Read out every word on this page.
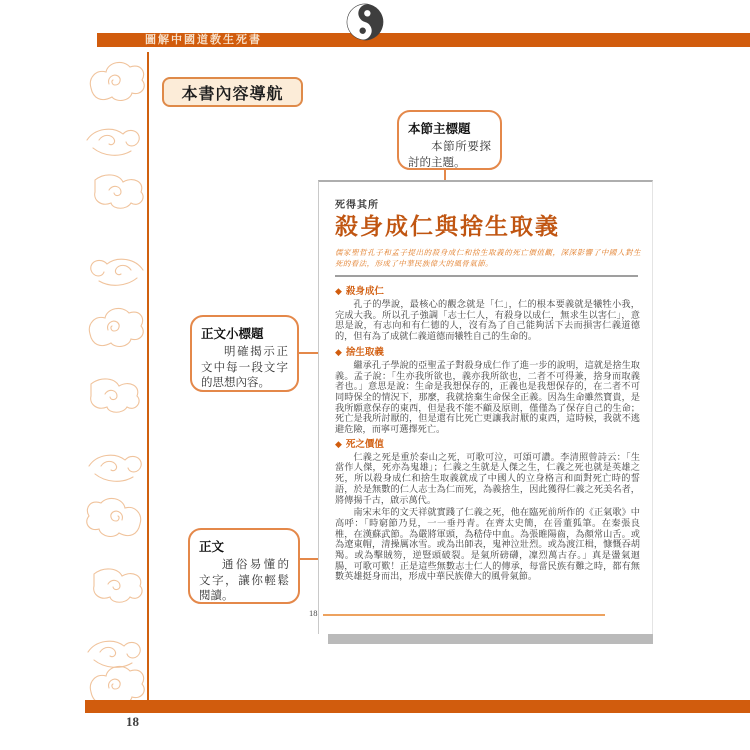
圖解中國道教生死書
本書內容導航

本節主標題

本節所要探討的主題。

正文小標題

明確揭示正文中每一段文字的思想內容。

正文

通俗易懂的文字，讓你輕鬆閱讀。

死得其所
殺身成仁與捨生取義
儒家聖哲孔子和孟子提出的殺身成仁和捨生取義的死亡價值觀，深深影響了中國人對生死的看法，形成了中華民族偉大的風骨氣節。
◆ 殺身成仁

孔子的學說，最核心的觀念就是「仁」，仁的根本要義就是犧牲小我，完成大我。所以孔子強調「志士仁人，有殺身以成仁，無求生以害仁」，意思是說，有志向和有仁德的人，沒有為了自己能夠活下去而損害仁義道德的，但有為了成就仁義道德而犧牲自己的生命的。

◆ 捨生取義

繼承孔子學說的亞聖孟子對殺身成仁作了進一步的說明，這就是捨生取義。孟子說：「生亦我所欲也，義亦我所欲也，二者不可得兼，捨身而取義者也。」意思是說：生命是我想保存的，正義也是我想保存的，在二者不可同時保全的情況下，那麼，我就捨棄生命保全正義。因為生命雖然寶貴，是我所願意保存的東西，但是我不能不顧及原則，僅僅為了保存自己的生命；死亡是我所討厭的，但是還有比死亡更讓我討厭的東西，這時候，我就不逃避危險，而寧可選擇死亡。

◆ 死之價值

仁義之死是重於泰山之死，可歌可泣，可頌可讚。李清照曾詩云：「生當作人傑，死亦為鬼雄」；仁義之生就是人傑之生，仁義之死也就是英雄之死，所以殺身成仁和捨生取義就成了中國人的立身格言和面對死亡時的誓語，於是無數的仁人志士為仁而死，為義捨生，因此獲得仁義之死美名者，將傳揚千古，啟示萬代。

南宋末年的文天祥就實踐了仁義之死，他在臨死前所作的《正氣歌》中高呼：「時窮節乃見，一一垂丹青。在齊太史簡，在晉董狐筆。在秦張良椎，在漢蘇武節。為嚴將軍頭，為嵇侍中血。為張睢陽齒，為顏常山舌。或為遼東帽，清操厲冰雪。或為出師表，鬼神泣壯烈。或為渡江楫，慷慨吞胡羯。或為擊賊笏，逆豎頭破裂。是氣所磅礴，凜烈萬古存。」真是盪氣迴腸，可歌可歎！正是這些無數志士仁人的傳承，每當民族有難之時，都有無數英雄挺身而出，形成中華民族偉大的風骨氣節。

18
18
